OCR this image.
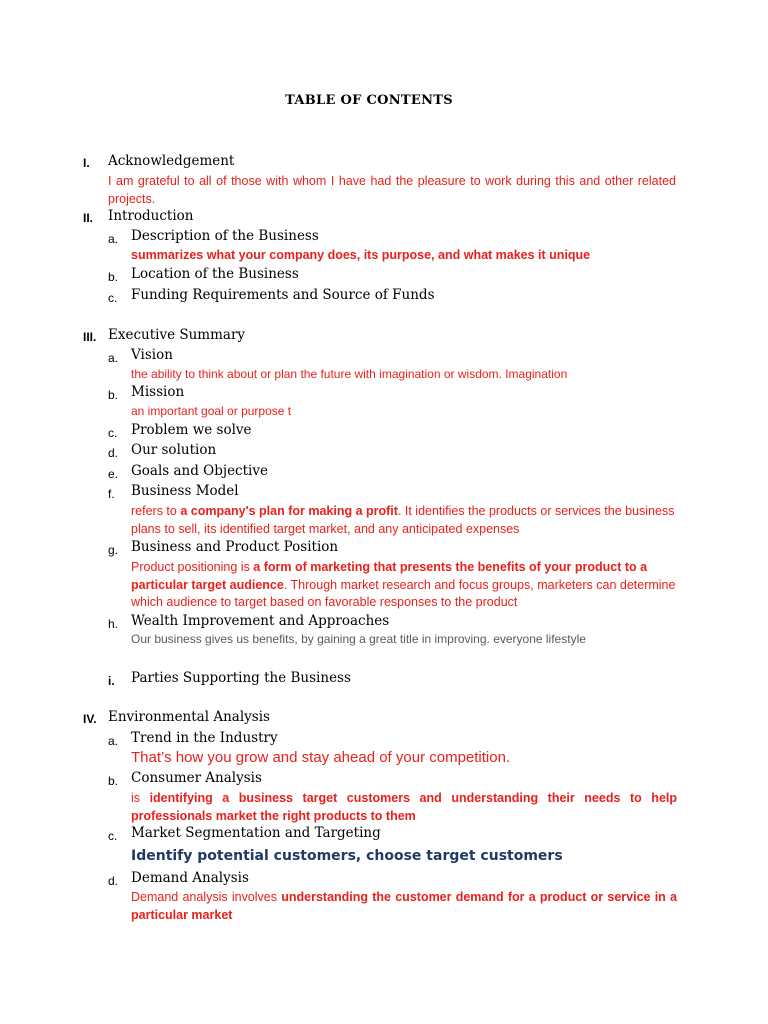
TABLE OF CONTENTS
I. Acknowledgement
I am grateful to all of those with whom I have had the pleasure to work during this and other related projects.
II. Introduction
a. Description of the Business
summarizes what your company does, its purpose, and what makes it unique
b. Location of the Business
c. Funding Requirements and Source of Funds
III. Executive Summary
a. Vision
the ability to think about or plan the future with imagination or wisdom. Imagination
b. Mission
an important goal or purpose t
c. Problem we solve
d. Our solution
e. Goals and Objective
f. Business Model
refers to a company's plan for making a profit. It identifies the products or services the business plans to sell, its identified target market, and any anticipated expenses
g. Business and Product Position
Product positioning is a form of marketing that presents the benefits of your product to a particular target audience. Through market research and focus groups, marketers can determine which audience to target based on favorable responses to the product
h. Wealth Improvement and Approaches
Our business gives us benefits, by gaining a great title in improving. everyone lifestyle
i. Parties Supporting the Business
IV. Environmental Analysis
a. Trend in the Industry
That’s how you grow and stay ahead of your competition.
b. Consumer Analysis
is identifying a business target customers and understanding their needs to help professionals market the right products to them
c. Market Segmentation and Targeting
Identify potential customers, choose target customers
d. Demand Analysis
Demand analysis involves understanding the customer demand for a product or service in a particular market
